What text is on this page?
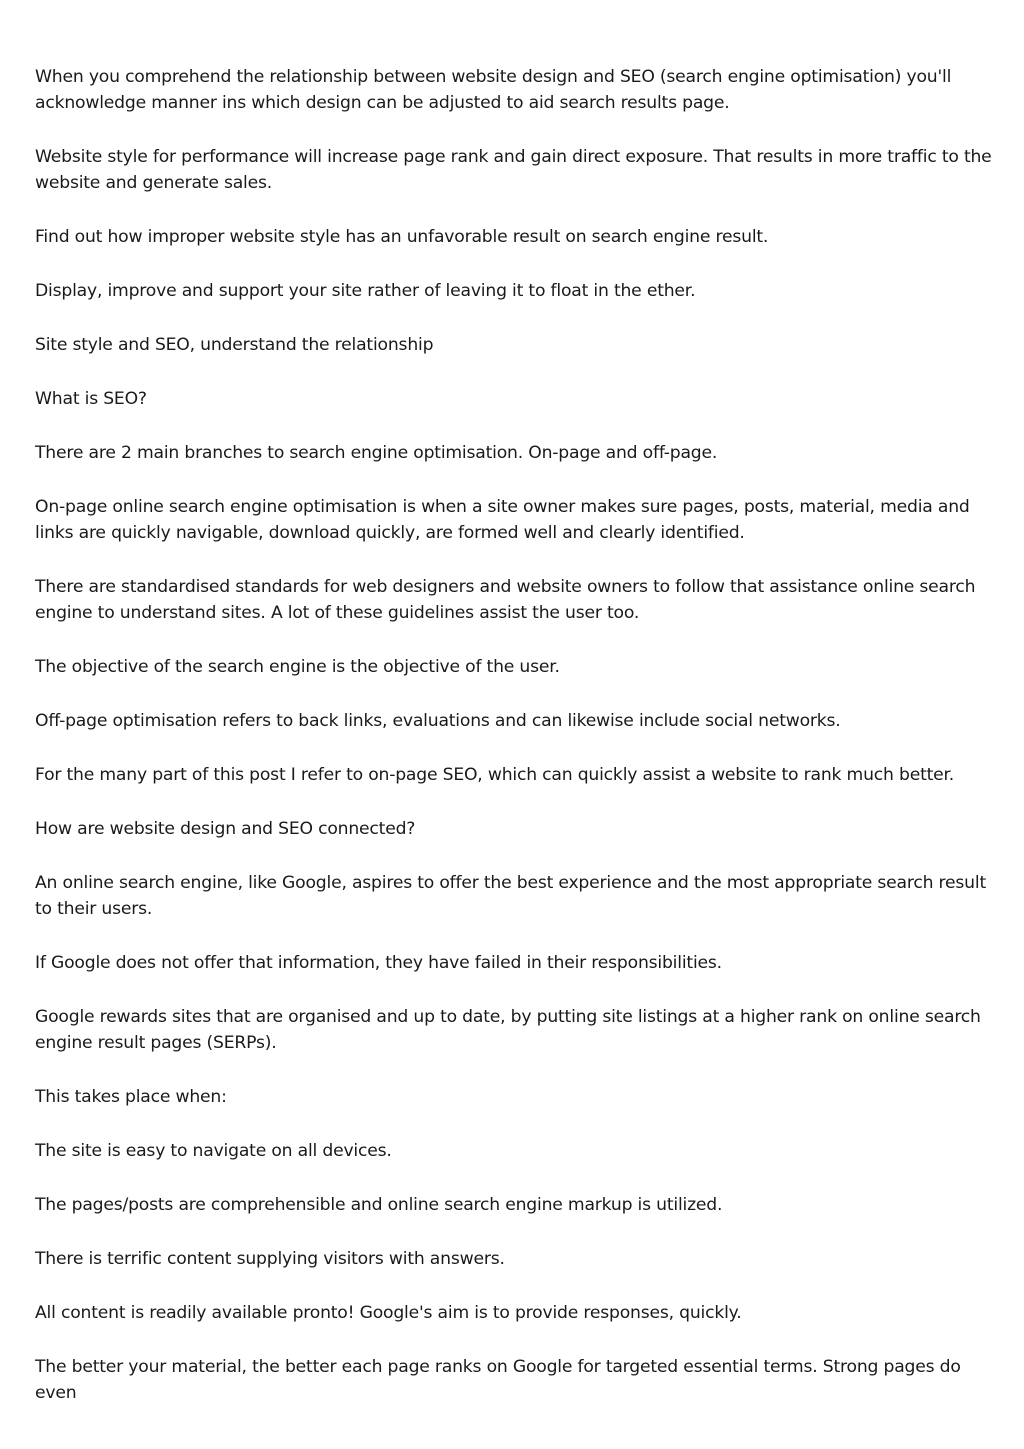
When you comprehend the relationship between website design and SEO (search engine optimisation) you'll acknowledge manner ins which design can be adjusted to aid search results page.

Website style for performance will increase page rank and gain direct exposure. That results in more traffic to the website and generate sales.

Find out how improper website style has an unfavorable result on search engine result.

Display, improve and support your site rather of leaving it to float in the ether.

Site style and SEO, understand the relationship

What is SEO?

There are 2 main branches to search engine optimisation. On-page and off-page.

On-page online search engine optimisation is when a site owner makes sure pages, posts, material, media and links are quickly navigable, download quickly, are formed well and clearly identified.

There are standardised standards for web designers and website owners to follow that assistance online search engine to understand sites. A lot of these guidelines assist the user too.

The objective of the search engine is the objective of the user.

Off-page optimisation refers to back links, evaluations and can likewise include social networks.

For the many part of this post I refer to on-page SEO, which can quickly assist a website to rank much better.

How are website design and SEO connected?

An online search engine, like Google, aspires to offer the best experience and the most appropriate search result to their users.

If Google does not offer that information, they have failed in their responsibilities.

Google rewards sites that are organised and up to date, by putting site listings at a higher rank on online search engine result pages (SERPs).

This takes place when:

The site is easy to navigate on all devices.

The pages/posts are comprehensible and online search engine markup is utilized.

There is terrific content supplying visitors with answers.

All content is readily available pronto! Google's aim is to provide responses, quickly.

The better your material, the better each page ranks on Google for targeted essential terms. Strong pages do even
